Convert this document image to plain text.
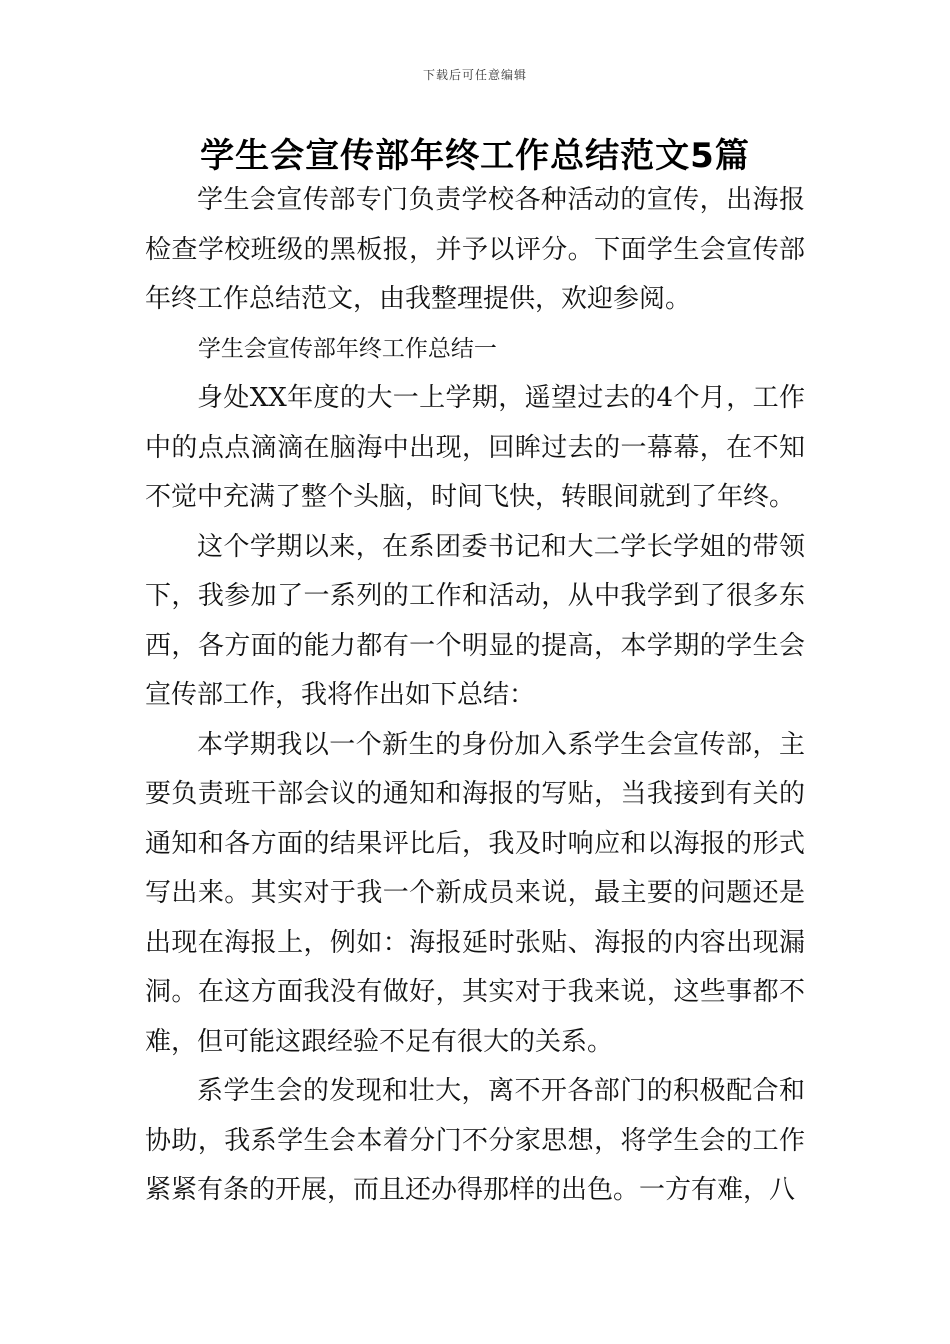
下载后可任意编辑
学生会宣传部年终工作总结范文5篇

学生会宣传部专门负责学校各种活动的宣传，出海报检查学校班级的黑板报，并予以评分。下面学生会宣传部年终工作总结范文，由我整理提供，欢迎参阅。

学生会宣传部年终工作总结一

身处XX年度的大一上学期，遥望过去的4个月，工作中的点点滴滴在脑海中出现，回眸过去的一幕幕，在不知不觉中充满了整个头脑，时间飞快，转眼间就到了年终。

这个学期以来，在系团委书记和大二学长学姐的带领下，我参加了一系列的工作和活动，从中我学到了很多东西，各方面的能力都有一个明显的提高，本学期的学生会宣传部工作，我将作出如下总结：

本学期我以一个新生的身份加入系学生会宣传部，主要负责班干部会议的通知和海报的写贴，当我接到有关的通知和各方面的结果评比后，我及时响应和以海报的形式写出来。其实对于我一个新成员来说，最主要的问题还是出现在海报上，例如：海报延时张贴、海报的内容出现漏洞。在这方面我没有做好，其实对于我来说，这些事都不难，但可能这跟经验不足有很大的关系。

系学生会的发现和壮大，离不开各部门的积极配合和协助，我系学生会本着分门不分家思想，将学生会的工作紧紧有条的开展，而且还办得那样的出色。一方有难，八
